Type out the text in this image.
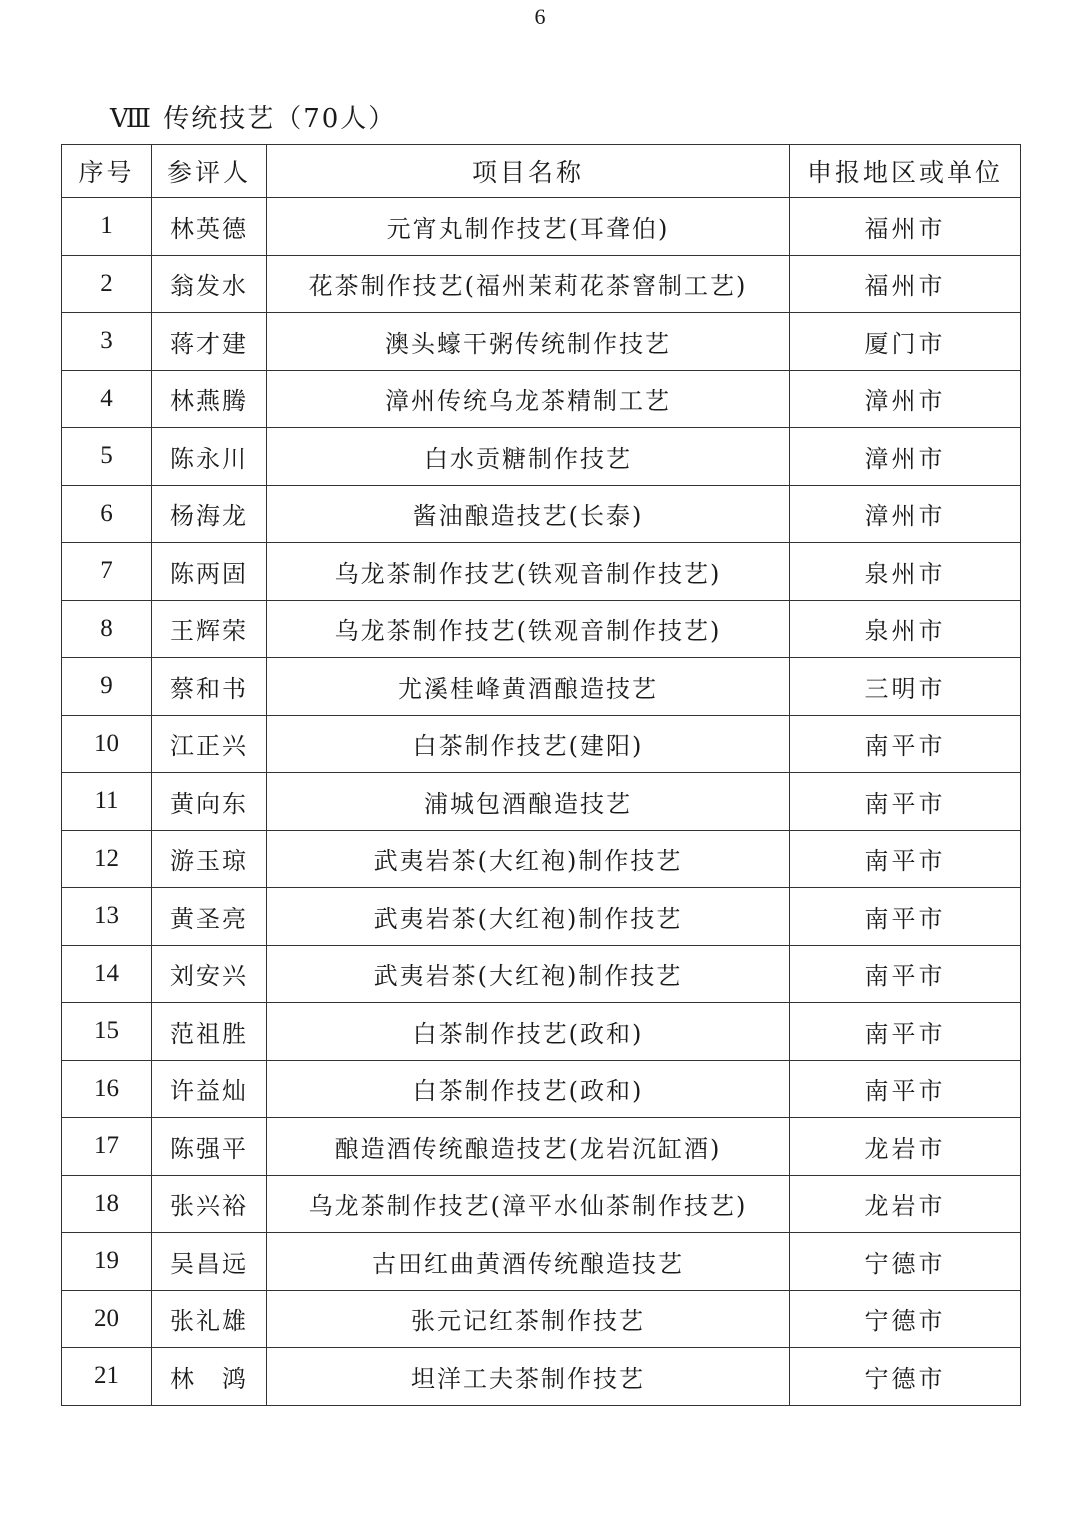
6
Ⅷ 传统技艺（70人）
序号	参评人	项目名称	申报地区或单位
1	林英德	元宵丸制作技艺(耳聋伯)	福州市
2	翁发水	花茶制作技艺(福州茉莉花茶窨制工艺)	福州市
3	蒋才建	澳头蠔干粥传统制作技艺	厦门市
4	林燕腾	漳州传统乌龙茶精制工艺	漳州市
5	陈永川	白水贡糖制作技艺	漳州市
6	杨海龙	酱油酿造技艺(长泰)	漳州市
7	陈两固	乌龙茶制作技艺(铁观音制作技艺)	泉州市
8	王辉荣	乌龙茶制作技艺(铁观音制作技艺)	泉州市
9	蔡和书	尤溪桂峰黄酒酿造技艺	三明市
10	江正兴	白茶制作技艺(建阳)	南平市
11	黄向东	浦城包酒酿造技艺	南平市
12	游玉琼	武夷岩茶(大红袍)制作技艺	南平市
13	黄圣亮	武夷岩茶(大红袍)制作技艺	南平市
14	刘安兴	武夷岩茶(大红袍)制作技艺	南平市
15	范祖胜	白茶制作技艺(政和)	南平市
16	许益灿	白茶制作技艺(政和)	南平市
17	陈强平	酿造酒传统酿造技艺(龙岩沉缸酒)	龙岩市
18	张兴裕	乌龙茶制作技艺(漳平水仙茶制作技艺)	龙岩市
19	吴昌远	古田红曲黄酒传统酿造技艺	宁德市
20	张礼雄	张元记红茶制作技艺	宁德市
21	林　鸿	坦洋工夫茶制作技艺	宁德市
